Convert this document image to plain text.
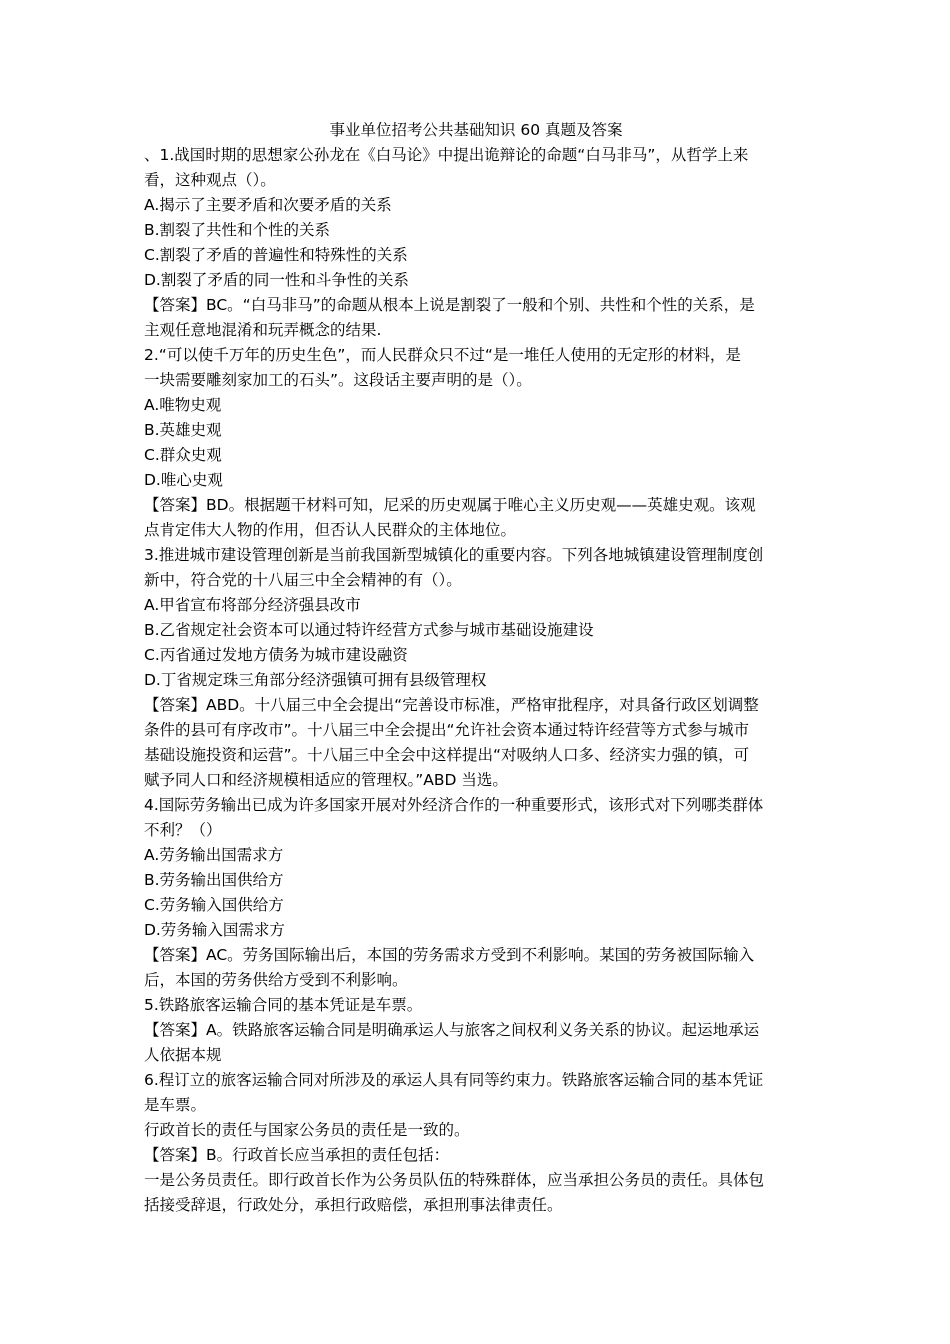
事业单位招考公共基础知识 60 真题及答案

、1.战国时期的思想家公孙龙在《白马论》中提出诡辩论的命题“白马非马”，从哲学上来

看，这种观点（）。

A.揭示了主要矛盾和次要矛盾的关系

B.割裂了共性和个性的关系

C.割裂了矛盾的普遍性和特殊性的关系

D.割裂了矛盾的同一性和斗争性的关系

【答案】BC。“白马非马”的命题从根本上说是割裂了一般和个别、共性和个性的关系，是

主观任意地混淆和玩弄概念的结果.

2.“可以使千万年的历史生色”，而人民群众只不过“是一堆任人使用的无定形的材料，是

一块需要雕刻家加工的石头”。这段话主要声明的是（）。

A.唯物史观

B.英雄史观

C.群众史观

D.唯心史观

【答案】BD。根据题干材料可知，尼采的历史观属于唯心主义历史观——英雄史观。该观

点肯定伟大人物的作用，但否认人民群众的主体地位。

3.推进城市建设管理创新是当前我国新型城镇化的重要内容。下列各地城镇建设管理制度创

新中，符合党的十八届三中全会精神的有（）。

A.甲省宣布将部分经济强县改市

B.乙省规定社会资本可以通过特许经营方式参与城市基础设施建设

C.丙省通过发地方债务为城市建设融资

D.丁省规定珠三角部分经济强镇可拥有县级管理权

【答案】ABD。十八届三中全会提出“完善设市标准，严格审批程序，对具备行政区划调整

条件的县可有序改市”。十八届三中全会提出“允许社会资本通过特许经营等方式参与城市

基础设施投资和运营”。十八届三中全会中这样提出“对吸纳人口多、经济实力强的镇，可

赋予同人口和经济规模相适应的管理权。”ABD 当选。

4.国际劳务输出已成为许多国家开展对外经济合作的一种重要形式，该形式对下列哪类群体

不利？（）

A.劳务输出国需求方

B.劳务输出国供给方

C.劳务输入国供给方

D.劳务输入国需求方

【答案】AC。劳务国际输出后，本国的劳务需求方受到不利影响。某国的劳务被国际输入

后，本国的劳务供给方受到不利影响。

5.铁路旅客运输合同的基本凭证是车票。

【答案】A。铁路旅客运输合同是明确承运人与旅客之间权利义务关系的协议。起运地承运

人依据本规

6.程订立的旅客运输合同对所涉及的承运人具有同等约束力。铁路旅客运输合同的基本凭证

是车票。

行政首长的责任与国家公务员的责任是一致的。

【答案】B。行政首长应当承担的责任包括：

一是公务员责任。即行政首长作为公务员队伍的特殊群体，应当承担公务员的责任。具体包

括接受辞退，行政处分，承担行政赔偿，承担刑事法律责任。
